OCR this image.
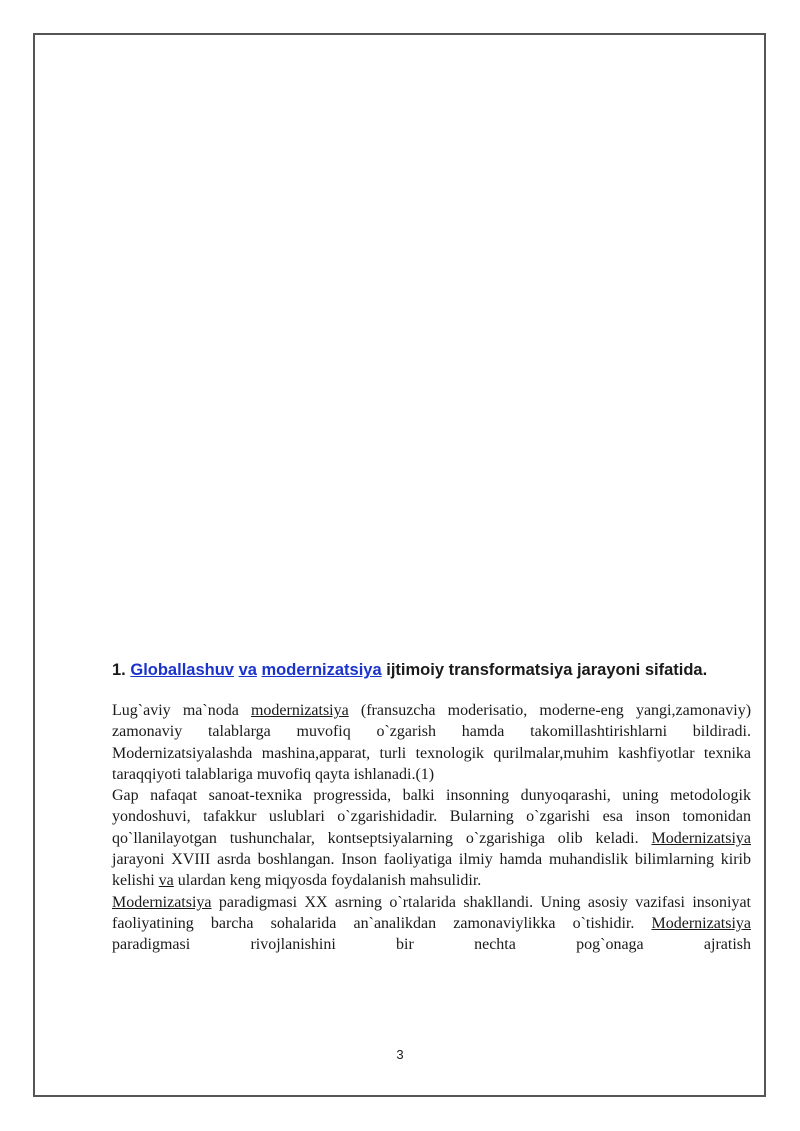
1. Globallashuv va modernizatsiya ijtimoiy transformatsiya jarayoni sifatida.

Lug`aviy ma`noda modernizatsiya (fransuzcha moderisatio, moderne-eng yangi,zamonaviy) zamonaviy talablarga muvofiq o`zgarish hamda takomillashtirishlarni bildiradi. Modernizatsiyalashda mashina,apparat, turli texnologik qurilmalar,muhim kashfiyotlar texnika taraqqiyoti talablariga muvofiq qayta ishlanadi.(1)

Gap nafaqat sanoat-texnika progressida, balki insonning dunyoqarashi, uning metodologik yondoshuvi, tafakkur uslublari o`zgarishidadir. Bularning o`zgarishi esa inson tomonidan qo`llanilayotgan tushunchalar, kontseptsiyalarning o`zgarishiga olib keladi. Modernizatsiya jarayoni XVIII asrda boshlangan. Inson faoliyatiga ilmiy hamda muhandislik bilimlarning kirib kelishi va ulardan keng miqyosda foydalanish mahsulidir.

Modernizatsiya paradigmasi XX asrning o`rtalarida shakllandi. Uning asosiy vazifasi insoniyat faoliyatining barcha sohalarida an`analikdan zamonaviylikka o`tishidir. Modernizatsiya paradigmasi rivojlanishini bir nechta pog`onaga ajratish

3
